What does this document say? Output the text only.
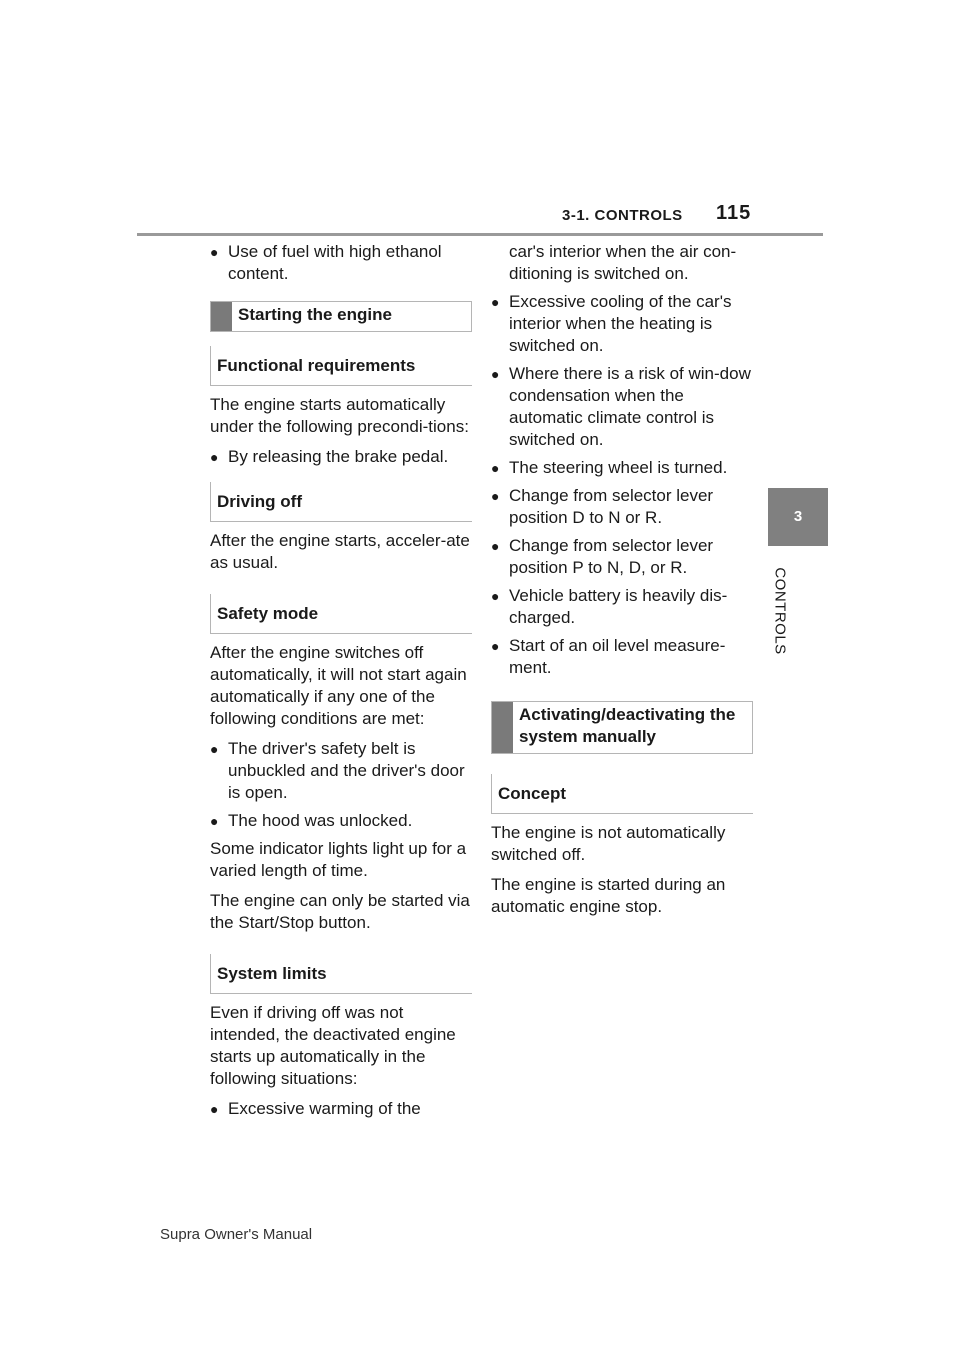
3-1. CONTROLS 115
3
CONTROLS
● Use of fuel with high ethanol content.
Starting the engine
Functional requirements

The engine starts automatically under the following precondi-tions:

● By releasing the brake pedal.
Driving off

After the engine starts, acceler-ate as usual.

Safety mode

After the engine switches off automatically, it will not start again automatically if any one of the following conditions are met:

● The driver's safety belt is unbuckled and the driver's door is open.
● The hood was unlocked.

Some indicator lights light up for a varied length of time.

The engine can only be started via the Start/Stop button.

System limits

Even if driving off was not intended, the deactivated engine starts up automatically in the following situations:

● Excessive warming of the

car's interior when the air con-ditioning is switched on.

● Excessive cooling of the car's interior when the heating is switched on.
● Where there is a risk of win-dow condensation when the automatic climate control is switched on.
● The steering wheel is turned.
● Change from selector lever position D to N or R.
● Change from selector lever position P to N, D, or R.
● Vehicle battery is heavily dis-charged.
● Start of an oil level measure-ment.
Activating/deactivating the system manually
Concept

The engine is not automatically switched off.

The engine is started during an automatic engine stop.

Supra Owner's Manual
